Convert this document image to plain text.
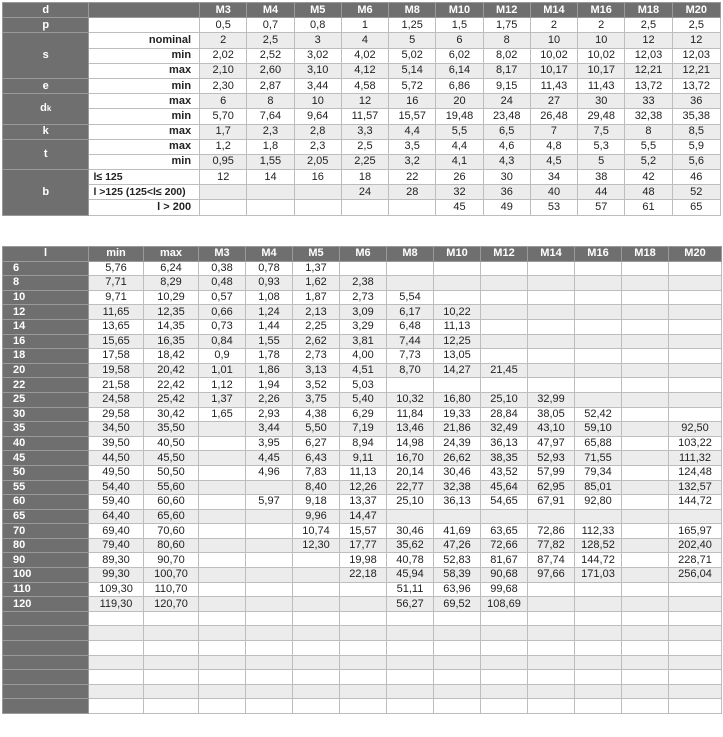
d		M3	M4	M5	M6	M8	M10	M12	M14	M16	M18	M20
p		0,5	0,7	0,8	1	1,25	1,5	1,75	2	2	2,5	2,5
s	nominal	2	2,5	3	4	5	6	8	10	10	12	12
	min	2,02	2,52	3,02	4,02	5,02	6,02	8,02	10,02	10,02	12,03	12,03
	max	2,10	2,60	3,10	4,12	5,14	6,14	8,17	10,17	10,17	12,21	12,21
e	min	2,30	2,87	3,44	4,58	5,72	6,86	9,15	11,43	11,43	13,72	13,72
dk	max	6	8	10	12	16	20	24	27	30	33	36
	min	5,70	7,64	9,64	11,57	15,57	19,48	23,48	26,48	29,48	32,38	35,38
k	max	1,7	2,3	2,8	3,3	4,4	5,5	6,5	7	7,5	8	8,5
t	max	1,2	1,8	2,3	2,5	3,5	4,4	4,6	4,8	5,3	5,5	5,9
	min	0,95	1,55	2,05	2,25	3,2	4,1	4,3	4,5	5	5,2	5,6
b	l≤ 125	12	14	16	18	22	26	30	34	38	42	46
	l >125 (125<l≤ 200)				24	28	32	36	40	44	48	52
	l > 200						45	49	53	57	61	65
l	min	max	M3	M4	M5	M6	M8	M10	M12	M14	M16	M18	M20
6	5,76	6,24	0,38	0,78	1,37								
8	7,71	8,29	0,48	0,93	1,62	2,38							
10	9,71	10,29	0,57	1,08	1,87	2,73	5,54						
12	11,65	12,35	0,66	1,24	2,13	3,09	6,17	10,22					
14	13,65	14,35	0,73	1,44	2,25	3,29	6,48	11,13					
16	15,65	16,35	0,84	1,55	2,62	3,81	7,44	12,25					
18	17,58	18,42	0,9	1,78	2,73	4,00	7,73	13,05					
20	19,58	20,42	1,01	1,86	3,13	4,51	8,70	14,27	21,45				
22	21,58	22,42	1,12	1,94	3,52	5,03							
25	24,58	25,42	1,37	2,26	3,75	5,40	10,32	16,80	25,10	32,99			
30	29,58	30,42	1,65	2,93	4,38	6,29	11,84	19,33	28,84	38,05	52,42		
35	34,50	35,50		3,44	5,50	7,19	13,46	21,86	32,49	43,10	59,10		92,50
40	39,50	40,50		3,95	6,27	8,94	14,98	24,39	36,13	47,97	65,88		103,22
45	44,50	45,50		4,45	6,43	9,11	16,70	26,62	38,35	52,93	71,55		111,32
50	49,50	50,50		4,96	7,83	11,13	20,14	30,46	43,52	57,99	79,34		124,48
55	54,40	55,60			8,40	12,26	22,77	32,38	45,64	62,95	85,01		132,57
60	59,40	60,60		5,97	9,18	13,37	25,10	36,13	54,65	67,91	92,80		144,72
65	64,40	65,60			9,96	14,47							
70	69,40	70,60			10,74	15,57	30,46	41,69	63,65	72,86	112,33		165,97
80	79,40	80,60			12,30	17,77	35,62	47,26	72,66	77,82	128,52		202,40
90	89,30	90,70				19,98	40,78	52,83	81,67	87,74	144,72		228,71
100	99,30	100,70				22,18	45,94	58,39	90,68	97,66	171,03		256,04
110	109,30	110,70					51,11	63,96	99,68				
120	119,30	120,70					56,27	69,52	108,69				
